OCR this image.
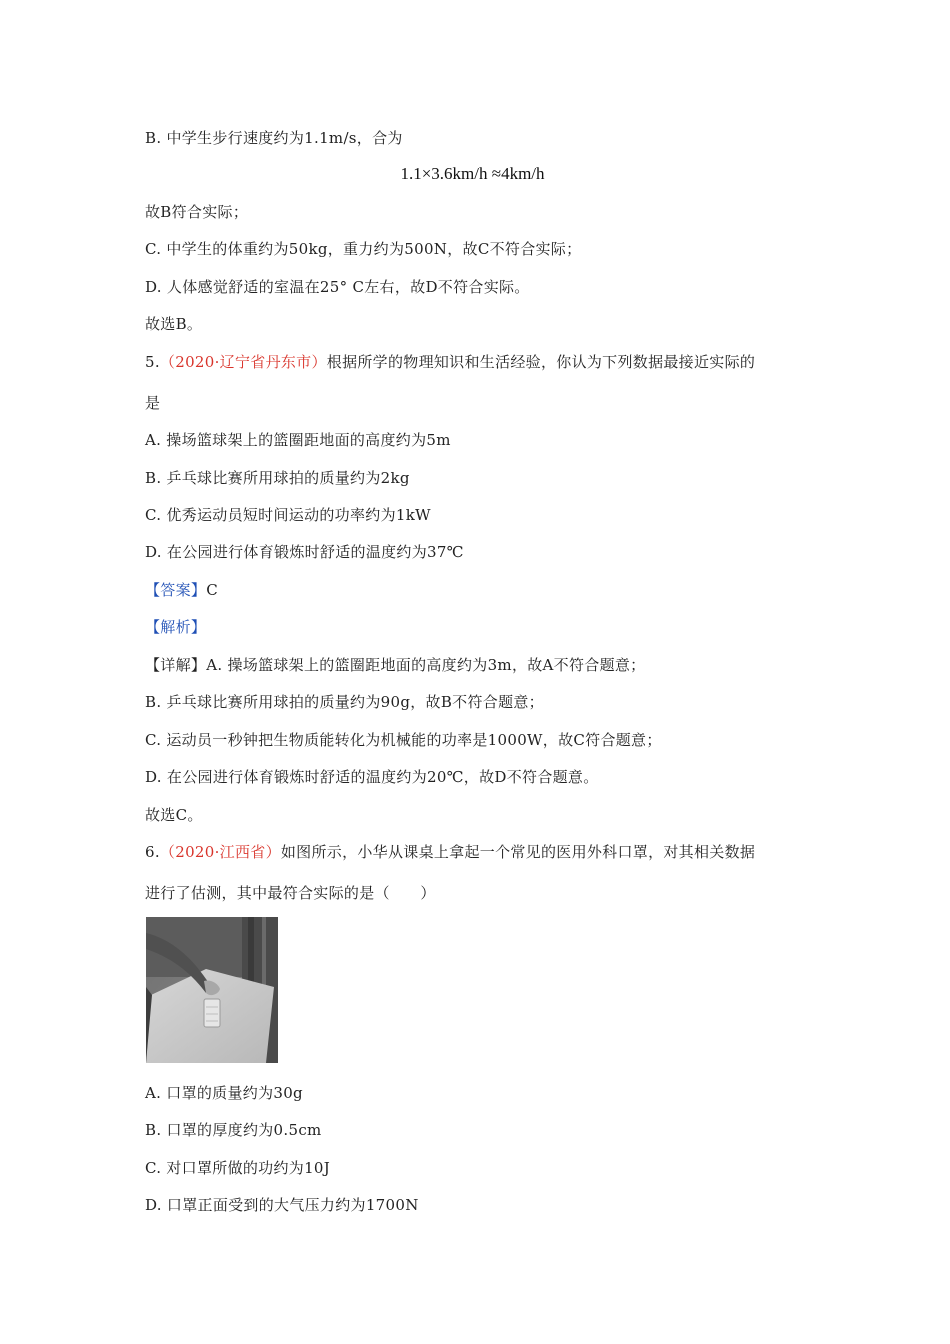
B. 中学生步行速度约为1.1m/s，合为
1.1×3.6km/h ≈4km/h
故B符合实际；
C. 中学生的体重约为50kg，重力约为500N，故C不符合实际；
D. 人体感觉舒适的室温在25° C左右，故D不符合实际。
故选B。
5.（2020·辽宁省丹东市）根据所学的物理知识和生活经验，你认为下列数据最接近实际的
是
A. 操场篮球架上的篮圈距地面的高度约为5m
B. 乒乓球比赛所用球拍的质量约为2kg
C. 优秀运动员短时间运动的功率约为1kW
D. 在公园进行体育锻炼时舒适的温度约为37℃
【答案】C
【解析】
【详解】A. 操场篮球架上的篮圈距地面的高度约为3m，故A不符合题意；
B. 乒乓球比赛所用球拍的质量约为90g，故B不符合题意；
C. 运动员一秒钟把生物质能转化为机械能的功率是1000W，故C符合题意；
D. 在公园进行体育锻炼时舒适的温度约为20℃，故D不符合题意。
故选C。
6.（2020·江西省）如图所示，小华从课桌上拿起一个常见的医用外科口罩，对其相关数据
进行了估测，其中最符合实际的是（　　）
A. 口罩的质量约为30g
B. 口罩的厚度约为0.5cm
C. 对口罩所做的功约为10J
D. 口罩正面受到的大气压力约为1700N
